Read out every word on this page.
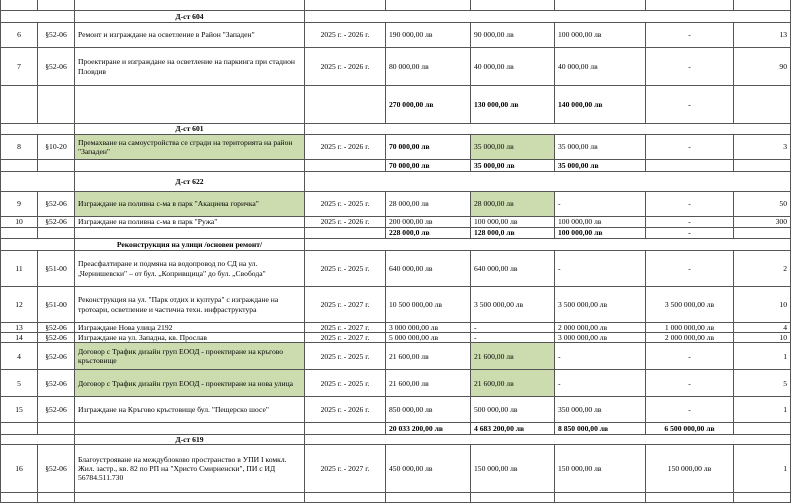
		Д-ст 604						
6	§52-06	Ремонт и изграждане на осветление в Район "Западен"	2025 г. - 2026 г.	190 000,00 лв	90 000,00 лв	100 000,00 лв	-	13
7	§52-06	Проектиране и изграждане на осветление на паркинга при стадион Пловдив	2025 г. - 2026 г.	80 000,00 лв	40 000,00 лв	40 000,00 лв	-	90
				270 000,00 лв	130 000,00 лв	140 000,00 лв	-	
		Д-ст 601						
8	§10-20	Премахване на самоустройства се сгради на територията на район "Западен"	2025 г. - 2026 г.	70 000,00 лв	35 000,00 лв	35 000,00 лв	-	3
				70 000,00 лв	35 000,00 лв	35 000,00 лв		
		Д-ст 622						
9	§52-06	Изграждане на поливна с-ма в парк "Акациева горичка"	2025 г. - 2025 г.	28 000,00 лв	28 000,00 лв	-	-	50
10	§52-06	Изграждане на поливна с-ма в парк "Ружа"	2025 г. - 2026 г.	200 000,00 лв	100 000,00 лв	100 000,00 лв	-	300
				228 000,0 лв	128 000,0 лв	100 000,00 лв	-	
		Реконструкция на улици /основен ремонт/						
11	§51-00	Преасфалтиране и подмяна на водопровод по СД на ул. „Чернишевски" – от бул. „Копривщица" до бул. „Свобода"	2025 г. - 2025 г.	640 000,00 лв	640 000,00 лв	-	-	2
12	§51-00	Реконструкция на ул. "Парк отдих и култура" с изграждане на тротоари, осветление и частична техн. инфраструктура	2025 г. - 2027 г.	10 500 000,00 лв	3 500 000,00 лв	3 500 000,00 лв	3 500 000,00 лв	10
13	§52-06	Изграждане Нова улица 2192	2025 г. - 2027 г.	3 000 000,00 лв	-	2 000 000,00 лв	1 000 000,00 лв	4
14	§52-06	Изграждане на ул. Западна, кв. Прослав	2025 г. - 2027 г.	5 000 000,00 лв	-	3 000 000,00 лв	2 000 000,00 лв	10
4	§52-06	Договор с Трафик дизайн груп ЕООД - проектиране на кръгово кръстовище	2025 г. - 2025 г.	21 600,00 лв	21 600,00 лв	-	-	1
5	§52-06	Договор с Трафик дизайн груп ЕООД - проектиране на нова улица	2025 г. - 2025 г.	21 600,00 лв	21 600,00 лв	-	-	5
15	§52-06	Изграждане на Кръгово кръстовище бул. "Пещерско шосе"	2025 г. - 2026 г.	850 000,00 лв	500 000,00 лв	350 000,00 лв	-	1
				20 033 200,00 лв	4 683 200,00 лв	8 850 000,00 лв	6 500 000,00 лв	
		Д-ст 619						
16	§52-06	Благоустрояване на междублоково пространство в УПИ I комкл. Жил. застр., кв. 82 по РП на "Христо Смирненски", ПИ с ИД 56784.511.730	2025 г. - 2027 г.	450 000,00 лв	150 000,00 лв	150 000,00 лв	150 000,00 лв	1
